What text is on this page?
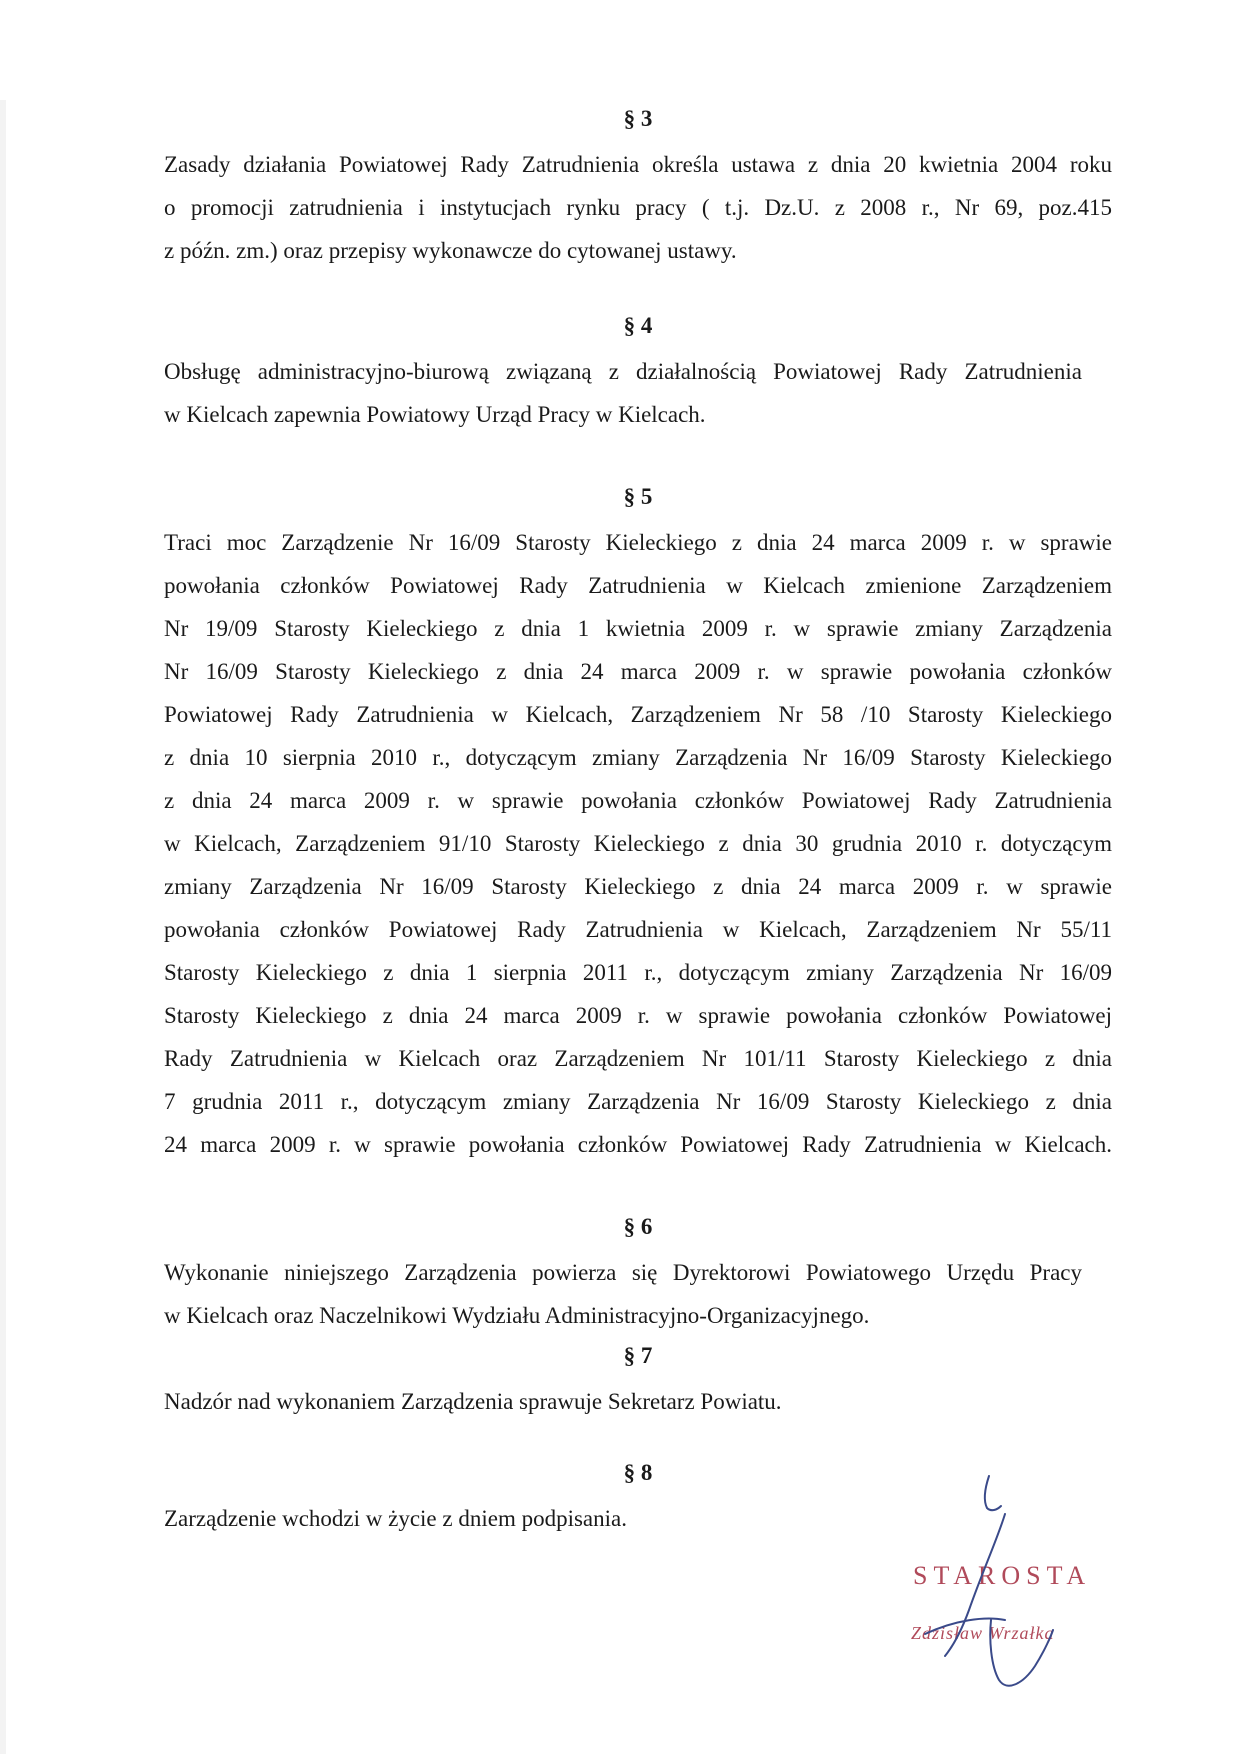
§ 3

Zasady działania Powiatowej Rady Zatrudnienia określa ustawa z dnia 20 kwietnia 2004 roku
o promocji zatrudnienia i instytucjach rynku pracy ( t.j. Dz.U. z 2008 r., Nr 69, poz.415
z późn. zm.) oraz przepisy wykonawcze do cytowanej ustawy.

§ 4

Obsługę administracyjno-biurową związaną z działalnością Powiatowej Rady Zatrudnienia
w Kielcach zapewnia Powiatowy Urząd Pracy w Kielcach.

§ 5

Traci moc Zarządzenie Nr 16/09 Starosty Kieleckiego z dnia 24 marca 2009 r. w sprawie
powołania członków Powiatowej Rady Zatrudnienia w Kielcach zmienione Zarządzeniem
Nr 19/09 Starosty Kieleckiego z dnia 1 kwietnia 2009 r. w sprawie zmiany Zarządzenia
Nr 16/09 Starosty Kieleckiego z dnia 24 marca 2009 r. w sprawie powołania członków
Powiatowej Rady Zatrudnienia w Kielcach, Zarządzeniem Nr 58 /10 Starosty Kieleckiego
z dnia 10 sierpnia 2010 r., dotyczącym zmiany Zarządzenia Nr 16/09 Starosty Kieleckiego
z dnia 24 marca 2009 r. w sprawie powołania członków Powiatowej Rady Zatrudnienia
w Kielcach, Zarządzeniem 91/10 Starosty Kieleckiego z dnia 30 grudnia 2010 r. dotyczącym
zmiany Zarządzenia Nr 16/09 Starosty Kieleckiego z dnia 24 marca 2009 r. w sprawie
powołania członków Powiatowej Rady Zatrudnienia w Kielcach, Zarządzeniem Nr 55/11
Starosty Kieleckiego z dnia 1 sierpnia 2011 r., dotyczącym zmiany Zarządzenia Nr 16/09
Starosty Kieleckiego z dnia 24 marca 2009 r. w sprawie powołania członków Powiatowej
Rady Zatrudnienia w Kielcach oraz Zarządzeniem Nr 101/11 Starosty Kieleckiego z dnia
7 grudnia 2011 r., dotyczącym zmiany Zarządzenia Nr 16/09 Starosty Kieleckiego z dnia
24 marca 2009 r. w sprawie powołania członków Powiatowej Rady Zatrudnienia w Kielcach.

§ 6

Wykonanie niniejszego Zarządzenia powierza się Dyrektorowi Powiatowego Urzędu Pracy
w Kielcach oraz Naczelnikowi Wydziału Administracyjno-Organizacyjnego.

§ 7

Nadzór nad wykonaniem Zarządzenia sprawuje Sekretarz Powiatu.

§ 8

Zarządzenie wchodzi w życie z dniem podpisania.
STAROSTA
Zdzisław Wrzałka
